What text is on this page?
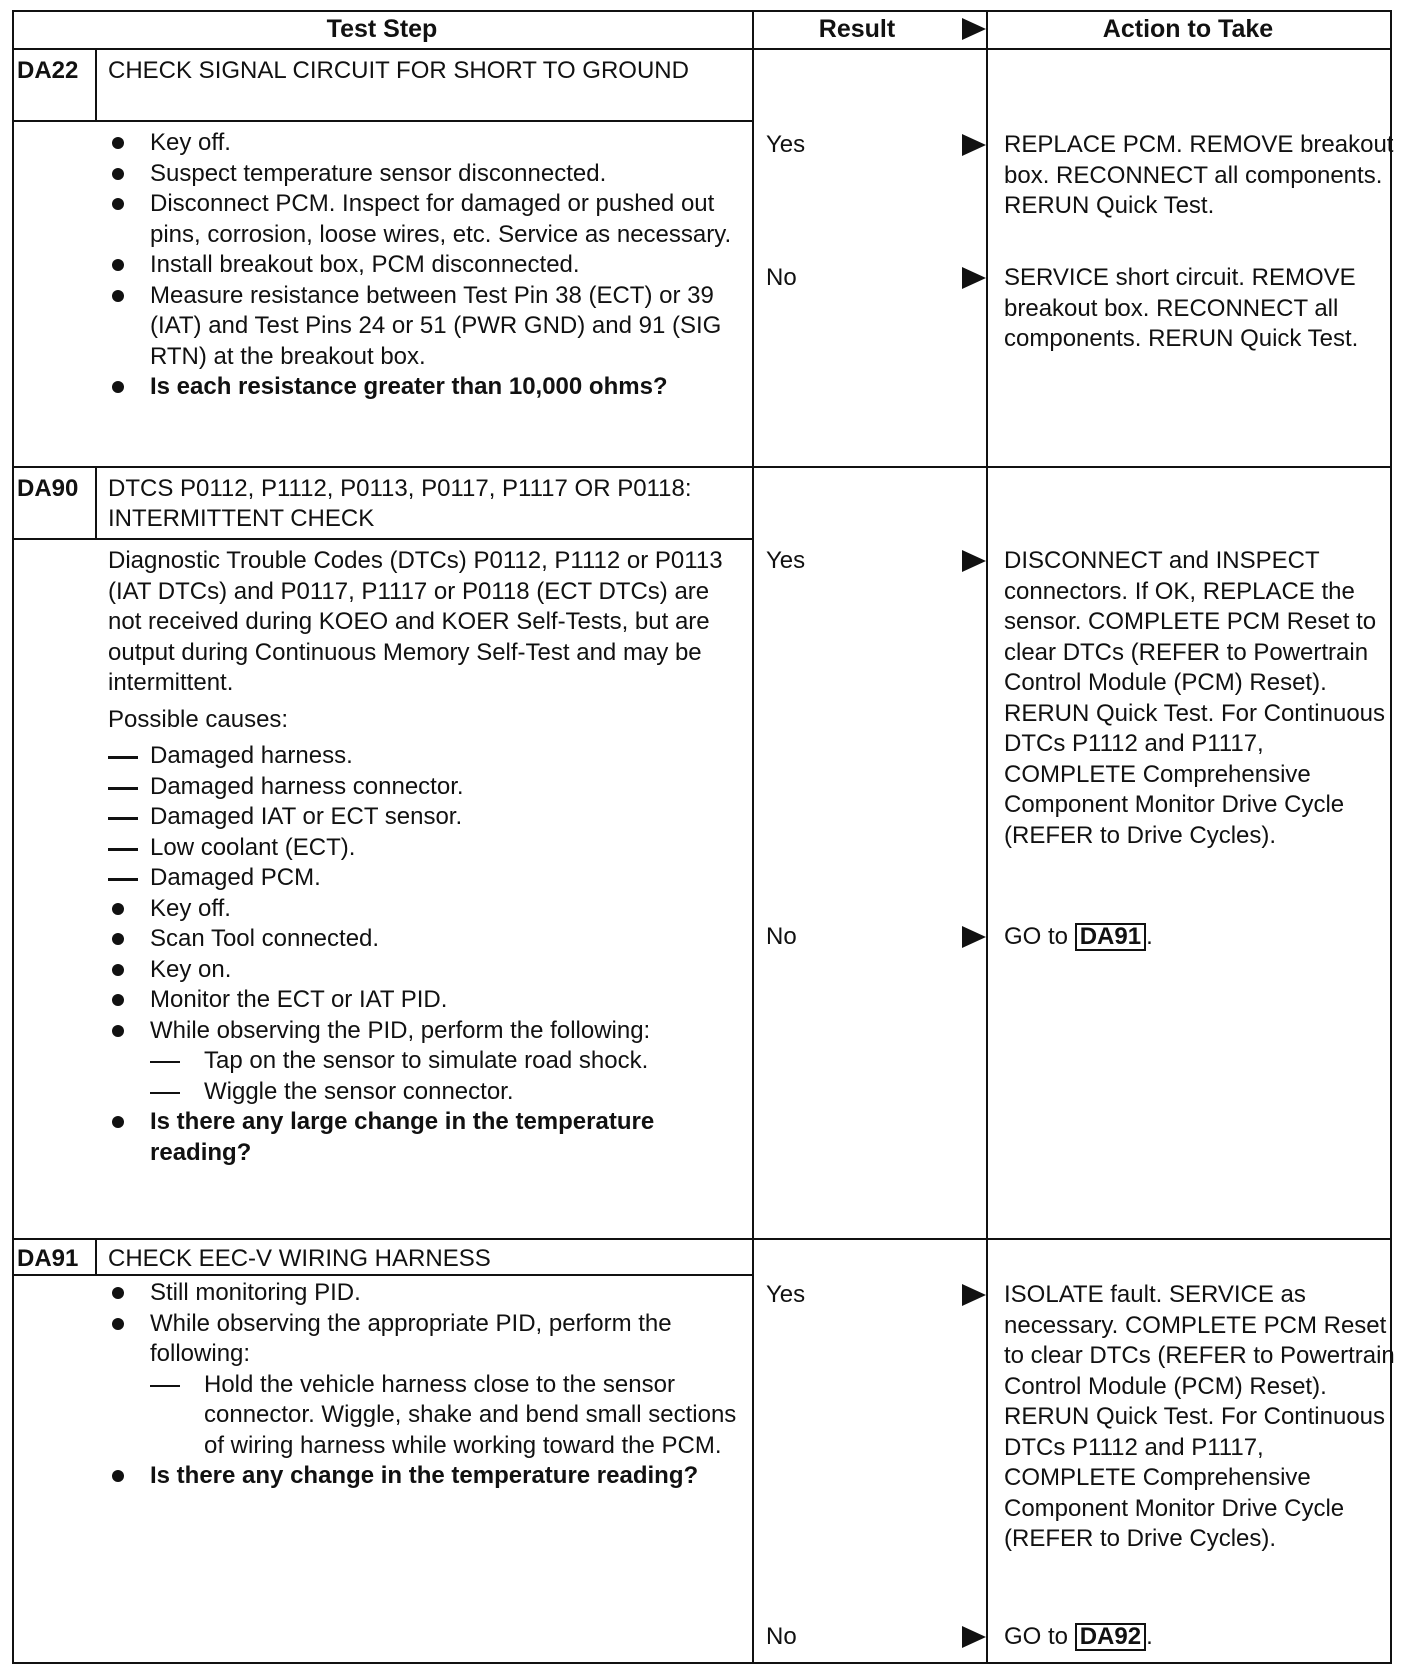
Test Step	Result	Action to Take
DA22	CHECK SIGNAL CIRCUIT FOR SHORT TO GROUND
Key off.
Suspect temperature sensor disconnected.
Disconnect PCM. Inspect for damaged or pushed out pins, corrosion, loose wires, etc. Service as necessary.
Install breakout box, PCM disconnected.
Measure resistance between Test Pin 38 (ECT) or 39 (IAT) and Test Pins 24 or 51 (PWR GND) and 91 (SIG RTN) at the breakout box.
Is each resistance greater than 10,000 ohms?
Yes	REPLACE PCM. REMOVE breakout box. RECONNECT all components. RERUN Quick Test.
No	SERVICE short circuit. REMOVE breakout box. RECONNECT all components. RERUN Quick Test.
DA90	DTCS P0112, P1112, P0113, P0117, P1117 OR P0118: INTERMITTENT CHECK
Diagnostic Trouble Codes (DTCs) P0112, P1112 or P0113 (IAT DTCs) and P0117, P1117 or P0118 (ECT DTCs) are not received during KOEO and KOER Self-Tests, but are output during Continuous Memory Self-Test and may be intermittent.
Possible causes:
Damaged harness.
Damaged harness connector.
Damaged IAT or ECT sensor.
Low coolant (ECT).
Damaged PCM.
Key off.
Scan Tool connected.
Key on.
Monitor the ECT or IAT PID.
While observing the PID, perform the following:
Tap on the sensor to simulate road shock.
Wiggle the sensor connector.
Is there any large change in the temperature reading?
Yes	DISCONNECT and INSPECT connectors. If OK, REPLACE the sensor. COMPLETE PCM Reset to clear DTCs (REFER to Powertrain Control Module (PCM) Reset). RERUN Quick Test. For Continuous DTCs P1112 and P1117, COMPLETE Comprehensive Component Monitor Drive Cycle (REFER to Drive Cycles).
No	GO to DA91 .
DA91	CHECK EEC-V WIRING HARNESS
Still monitoring PID.
While observing the appropriate PID, perform the following:
Hold the vehicle harness close to the sensor connector. Wiggle, shake and bend small sections of wiring harness while working toward the PCM.
Is there any change in the temperature reading?
Yes	ISOLATE fault. SERVICE as necessary. COMPLETE PCM Reset to clear DTCs (REFER to Powertrain Control Module (PCM) Reset). RERUN Quick Test. For Continuous DTCs P1112 and P1117, COMPLETE Comprehensive Component Monitor Drive Cycle (REFER to Drive Cycles).
No	GO to DA92 .
